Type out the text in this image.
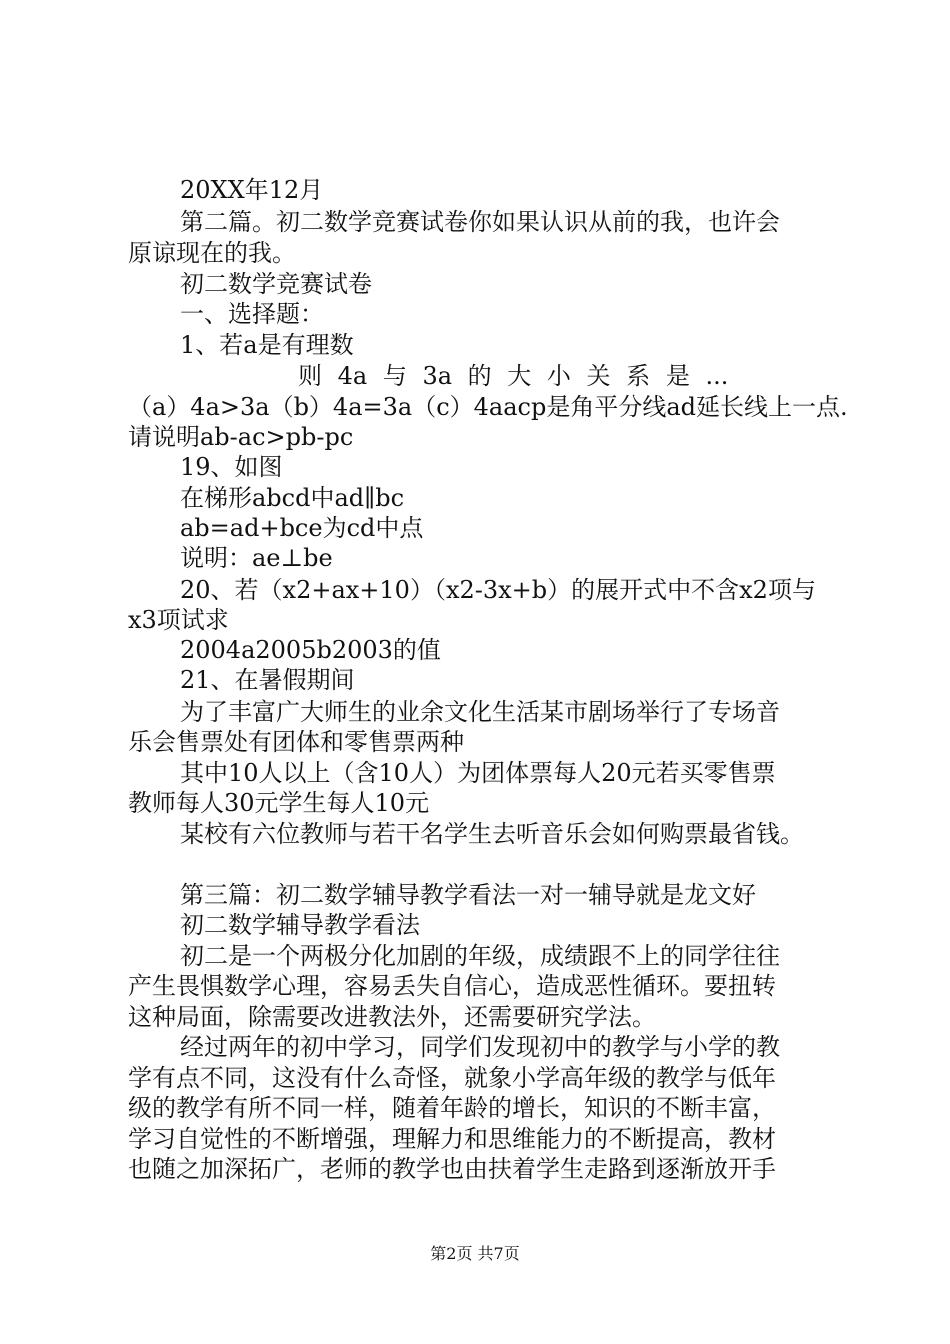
20XX年12月
第二篇。初二数学竞赛试卷你如果认识从前的我，也许会
原谅现在的我。
初二数学竞赛试卷
一、选择题：
1、若a是有理数
则 4a 与 3a 的 大 小 关 系 是 ...
（a）4a>3a（b）4a=3a（c）4aacp是角平分线ad延长线上一点.
请说明ab-ac>pb-pc
19、如图
在梯形abcd中ad∥bc
ab=ad+bce为cd中点
说明：ae⊥be
20、若（x2+ax+10）（x2-3x+b）的展开式中不含x2项与
x3项试求
2004a2005b2003的值
21、在暑假期间
为了丰富广大师生的业余文化生活某市剧场举行了专场音
乐会售票处有团体和零售票两种
其中10人以上（含10人）为团体票每人20元若买零售票
教师每人30元学生每人10元
某校有六位教师与若干名学生去听音乐会如何购票最省钱。
第三篇：初二数学辅导教学看法一对一辅导就是龙文好
初二数学辅导教学看法
初二是一个两极分化加剧的年级，成绩跟不上的同学往往
产生畏惧数学心理，容易丢失自信心，造成恶性循环。要扭转
这种局面，除需要改进教法外，还需要研究学法。
经过两年的初中学习，同学们发现初中的教学与小学的教
学有点不同，这没有什么奇怪，就象小学高年级的教学与低年
级的教学有所不同一样，随着年龄的增长，知识的不断丰富，
学习自觉性的不断增强，理解力和思维能力的不断提高，教材
也随之加深拓广，老师的教学也由扶着学生走路到逐渐放开手
第2页 共7页
